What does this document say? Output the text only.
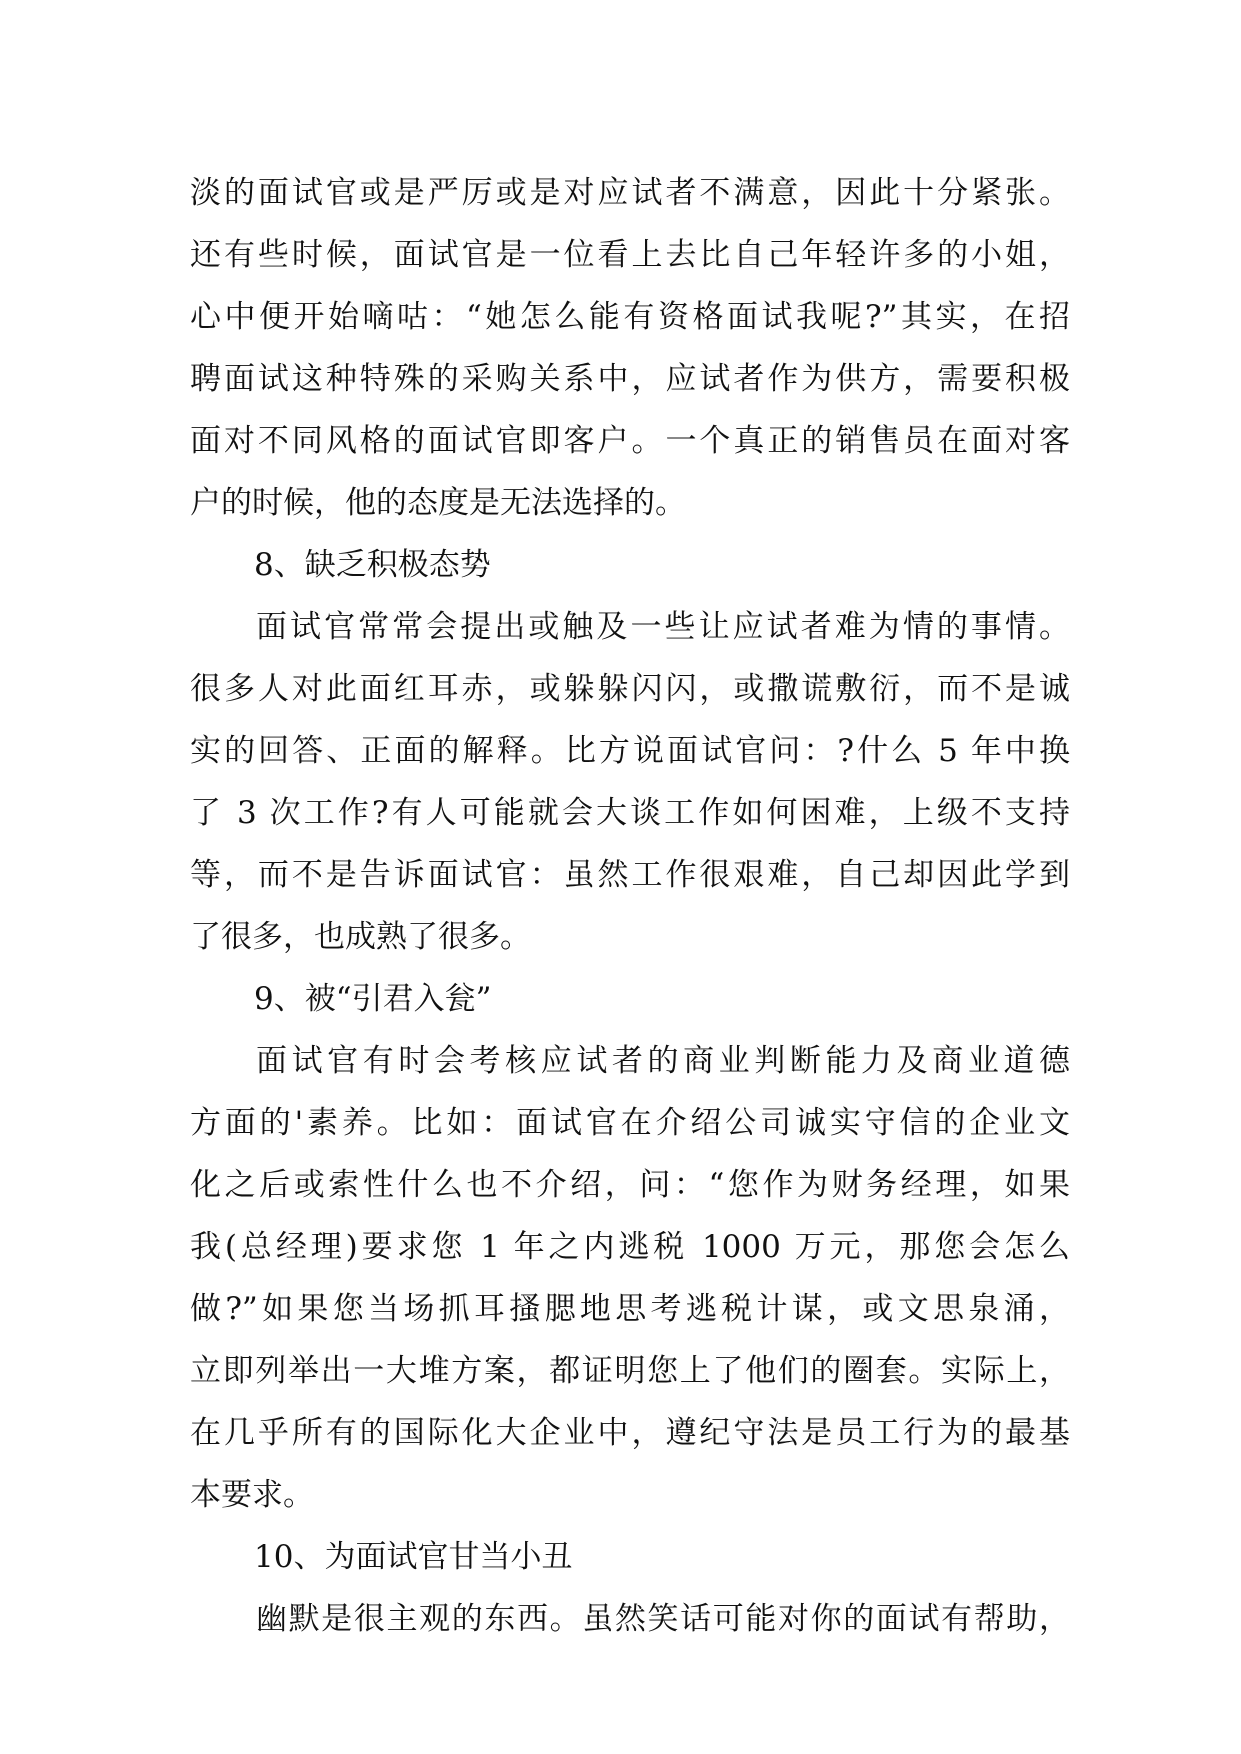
淡的面试官或是严厉或是对应试者不满意，因此十分紧张。
还有些时候，面试官是一位看上去比自己年轻许多的小姐，
心中便开始嘀咕：“她怎么能有资格面试我呢?”其实，在招
聘面试这种特殊的采购关系中，应试者作为供方，需要积极
面对不同风格的面试官即客户。一个真正的销售员在面对客
户的时候，他的态度是无法选择的。
8、缺乏积极态势
面试官常常会提出或触及一些让应试者难为情的事情。
很多人对此面红耳赤，或躲躲闪闪，或撒谎敷衍，而不是诚
实的回答、正面的解释。比方说面试官问：?什么 5 年中换
了 3 次工作?有人可能就会大谈工作如何困难，上级不支持
等，而不是告诉面试官：虽然工作很艰难，自己却因此学到
了很多，也成熟了很多。
9、被“引君入瓮”
面试官有时会考核应试者的商业判断能力及商业道德
方面的'素养。比如：面试官在介绍公司诚实守信的企业文
化之后或索性什么也不介绍，问：“您作为财务经理，如果
我(总经理)要求您 1 年之内逃税 1000 万元，那您会怎么
做?”如果您当场抓耳搔腮地思考逃税计谋，或文思泉涌，
立即列举出一大堆方案，都证明您上了他们的圈套。实际上，
在几乎所有的国际化大企业中，遵纪守法是员工行为的最基
本要求。
10、为面试官甘当小丑
幽默是很主观的东西。虽然笑话可能对你的面试有帮助，
